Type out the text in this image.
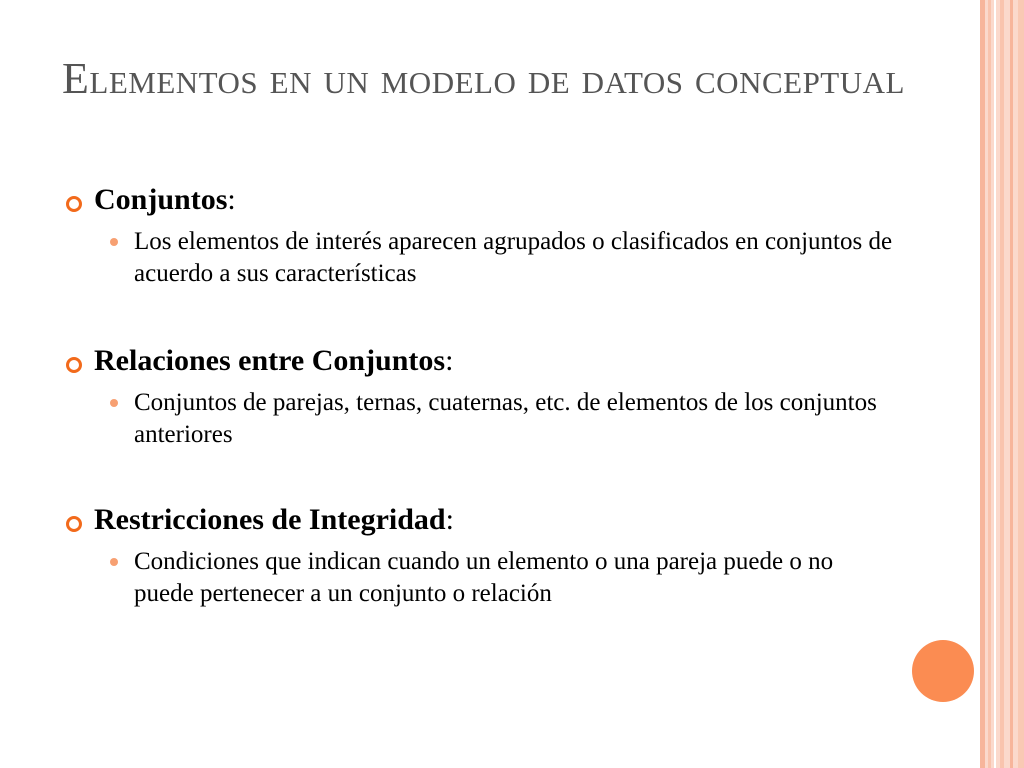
Elementos en un modelo de datos conceptual
Conjuntos:
Los elementos de interés aparecen agrupados o clasificados en conjuntos de acuerdo a sus características
Relaciones entre Conjuntos:
Conjuntos de parejas, ternas, cuaternas, etc. de elementos de los conjuntos anteriores
Restricciones de Integridad:
Condiciones que indican cuando un elemento o una pareja puede o no puede pertenecer a un conjunto o relación
